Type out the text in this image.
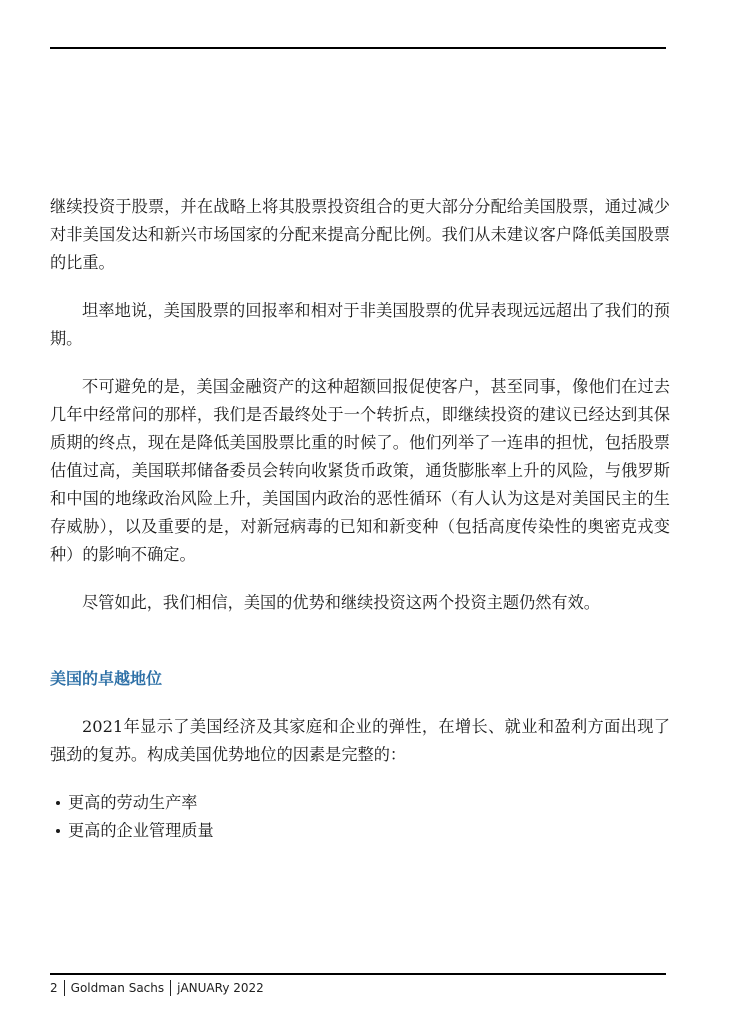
继续投资于股票，并在战略上将其股票投资组合的更大部分分配给美国股票，通过减少对非美国发达和新兴市场国家的分配来提高分配比例。我们从未建议客户降低美国股票的比重。

坦率地说，美国股票的回报率和相对于非美国股票的优异表现远远超出了我们的预期。

不可避免的是，美国金融资产的这种超额回报促使客户，甚至同事，像他们在过去几年中经常问的那样，我们是否最终处于一个转折点，即继续投资的建议已经达到其保质期的终点，现在是降低美国股票比重的时候了。他们列举了一连串的担忧，包括股票估值过高，美国联邦储备委员会转向收紧货币政策，通货膨胀率上升的风险，与俄罗斯和中国的地缘政治风险上升，美国国内政治的恶性循环（有人认为这是对美国民主的生存威胁），以及重要的是，对新冠病毒的已知和新变种（包括高度传染性的奥密克戎变种）的影响不确定。

尽管如此，我们相信，美国的优势和继续投资这两个投资主题仍然有效。

美国的卓越地位

2021年显示了美国经济及其家庭和企业的弹性，在增长、就业和盈利方面出现了强劲的复苏。构成美国优势地位的因素是完整的：

更高的劳动生产率
更高的企业管理质量
2 Goldman Sachs jANUARy 2022
